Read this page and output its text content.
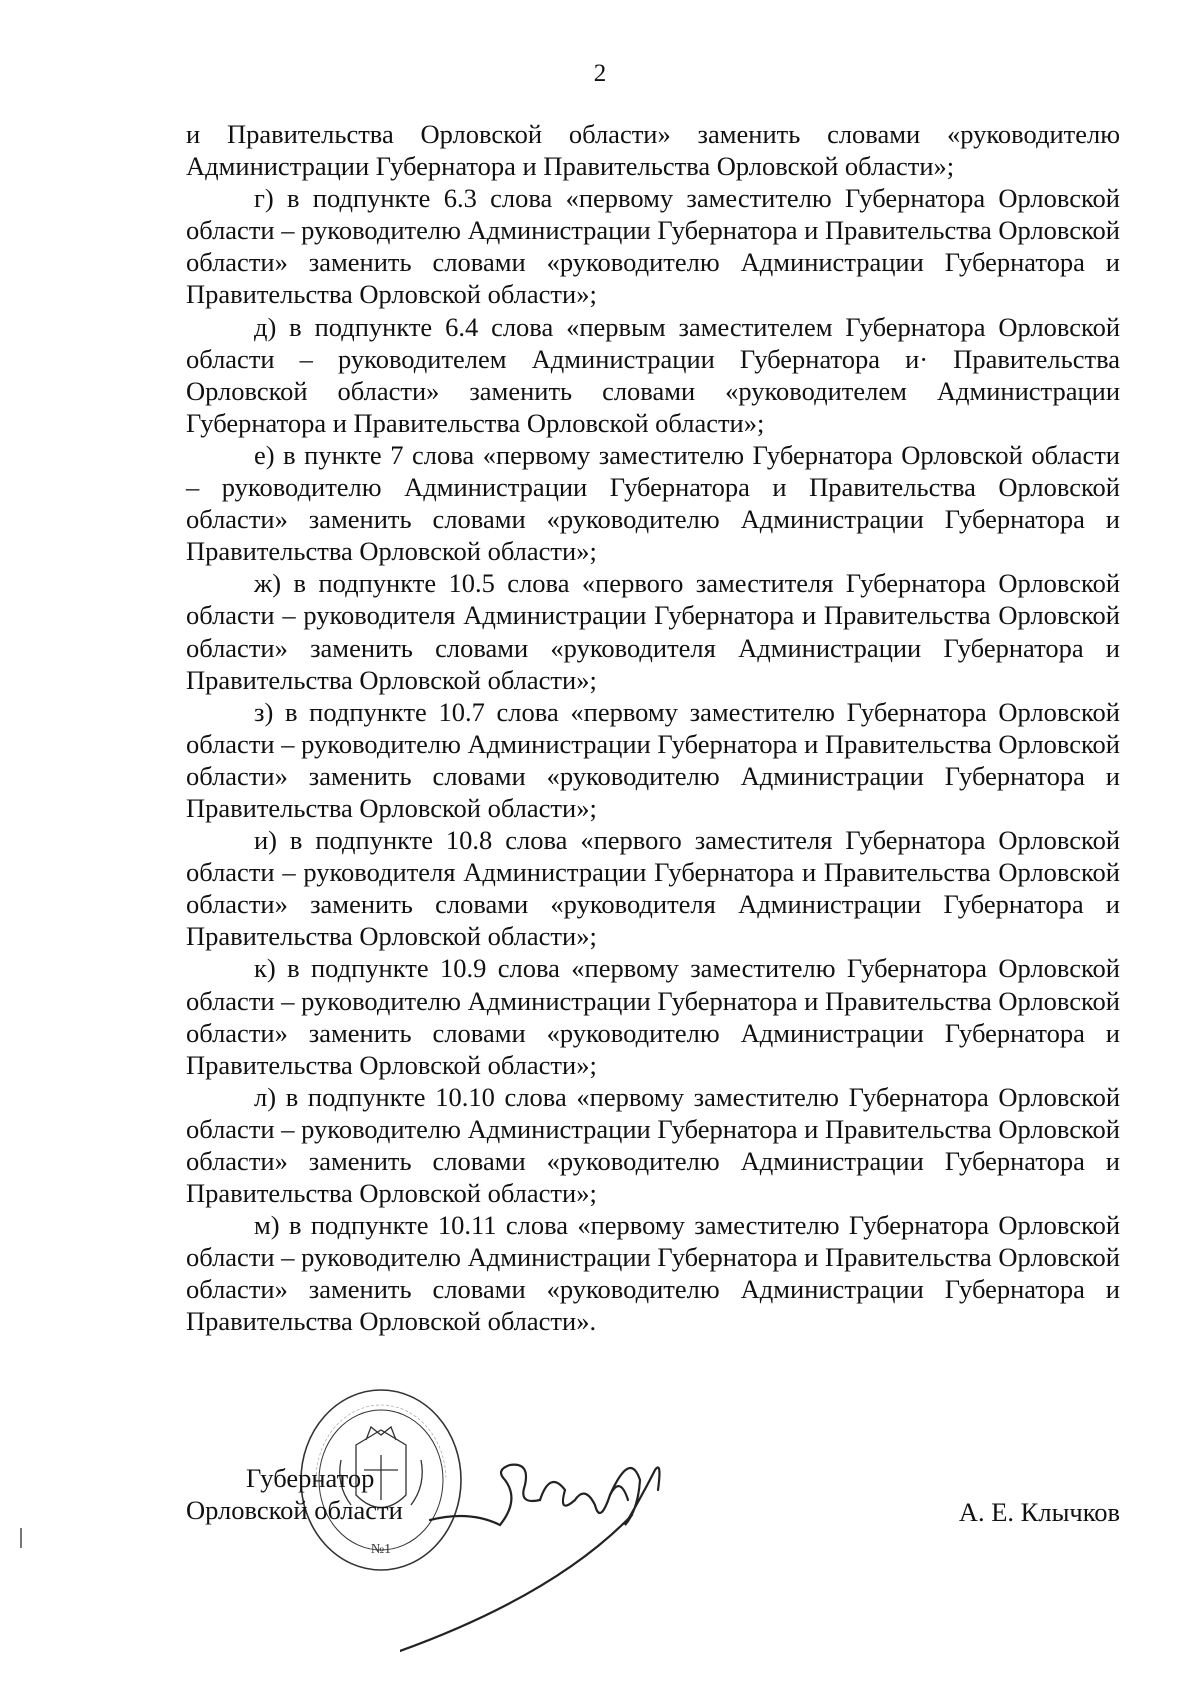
2

и Правительства Орловской области» заменить словами «руководителю Администрации Губернатора и Правительства Орловской области»;

г) в подпункте 6.3 слова «первому заместителю Губернатора Орловской области – руководителю Администрации Губернатора и Правительства Орловской области» заменить словами «руководителю Администрации Губернатора и Правительства Орловской области»;

д) в подпункте 6.4 слова «первым заместителем Губернатора Орловской области – руководителем Администрации Губернатора и· Правительства Орловской области» заменить словами «руководителем Администрации Губернатора и Правительства Орловской области»;

е) в пункте 7 слова «первому заместителю Губернатора Орловской области – руководителю Администрации Губернатора и Правительства Орловской области» заменить словами «руководителю Администрации Губернатора и Правительства Орловской области»;

ж) в подпункте 10.5 слова «первого заместителя Губернатора Орловской области – руководителя Администрации Губернатора и Правительства Орловской области» заменить словами «руководителя Администрации Губернатора и Правительства Орловской области»;

з) в подпункте 10.7 слова «первому заместителю Губернатора Орловской области – руководителю Администрации Губернатора и Правительства Орловской области» заменить словами «руководителю Администрации Губернатора и Правительства Орловской области»;

и) в подпункте 10.8 слова «первого заместителя Губернатора Орловской области – руководителя Администрации Губернатора и Правительства Орловской области» заменить словами «руководителя Администрации Губернатора и Правительства Орловской области»;

к) в подпункте 10.9 слова «первому заместителю Губернатора Орловской области – руководителю Администрации Губернатора и Правительства Орловской области» заменить словами «руководителю Администрации Губернатора и Правительства Орловской области»;

л) в подпункте 10.10 слова «первому заместителю Губернатора Орловской области – руководителю Администрации Губернатора и Правительства Орловской области» заменить словами «руководителю Администрации Губернатора и Правительства Орловской области»;

м) в подпункте 10.11 слова «первому заместителю Губернатора Орловской области – руководителю Администрации Губернатора и Правительства Орловской области» заменить словами «руководителю Администрации Губернатора и Правительства Орловской области».

№1
Губернатор
Орловской области	А. Е. Клычков
